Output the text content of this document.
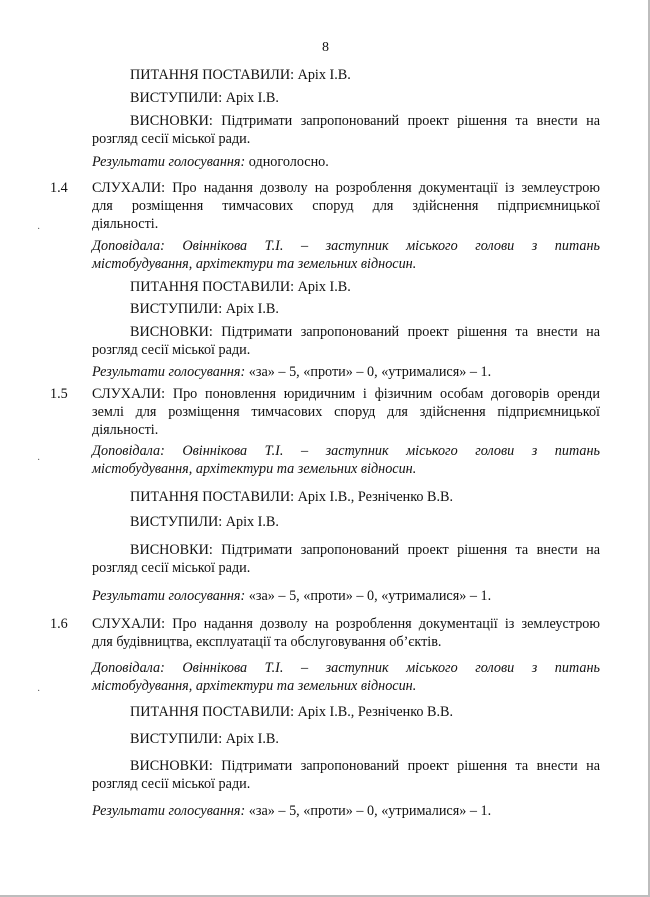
8
ПИТАННЯ ПОСТАВИЛИ: Аріх І.В.
ВИСТУПИЛИ: Аріх І.В.
ВИСНОВКИ: Підтримати запропонований проект рішення та внести на
розгляд сесії міської ради.
Результати голосування: одноголосно.
1.4 СЛУХАЛИ: Про надання дозволу на розроблення документації із землеустрою
для розміщення тимчасових споруд для здійснення підприємницької
діяльності.
·
Доповідала: Овіннікова Т.І. – заступник міського голови з питань
містобудування, архітектури та земельних відносин.
ПИТАННЯ ПОСТАВИЛИ: Аріх І.В.
ВИСТУПИЛИ: Аріх І.В.
ВИСНОВКИ: Підтримати запропонований проект рішення та внести на
розгляд сесії міської ради.
Результати голосування: «за» – 5, «проти» – 0, «утрималися» – 1.
1.5 СЛУХАЛИ: Про поновлення юридичним і фізичним особам договорів оренди
землі для розміщення тимчасових споруд для здійснення підприємницької
діяльності.
Доповідала: Овіннікова Т.І. – заступник міського голови з питань
·
містобудування, архітектури та земельних відносин.
ПИТАННЯ ПОСТАВИЛИ: Аріх І.В., Резніченко В.В.
ВИСТУПИЛИ: Аріх І.В.
ВИСНОВКИ: Підтримати запропонований проект рішення та внести на
розгляд сесії міської ради.
Результати голосування: «за» – 5, «проти» – 0, «утрималися» – 1.
1.6 СЛУХАЛИ: Про надання дозволу на розроблення документації із землеустрою
для будівництва, експлуатації та обслуговування об’єктів.
Доповідала: Овіннікова Т.І. – заступник міського голови з питань
містобудування, архітектури та земельних відносин.
·
ПИТАННЯ ПОСТАВИЛИ: Аріх І.В., Резніченко В.В.
ВИСТУПИЛИ: Аріх І.В.
ВИСНОВКИ: Підтримати запропонований проект рішення та внести на
розгляд сесії міської ради.
Результати голосування: «за» – 5, «проти» – 0, «утрималися» – 1.
